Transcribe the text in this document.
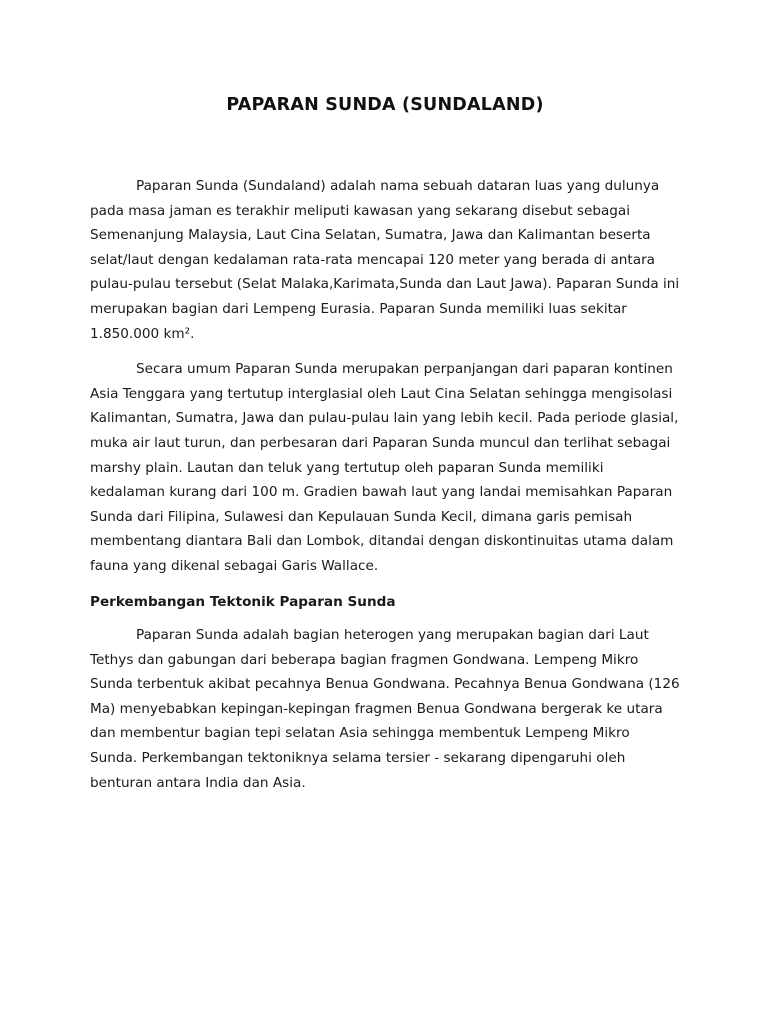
PAPARAN SUNDA (SUNDALAND)

Paparan Sunda (Sundaland) adalah nama sebuah dataran luas yang dulunya pada masa jaman es terakhir meliputi kawasan yang sekarang disebut sebagai Semenanjung Malaysia, Laut Cina Selatan, Sumatra, Jawa dan Kalimantan beserta selat/laut dengan kedalaman rata-rata mencapai 120 meter yang berada di antara pulau-pulau tersebut (Selat Malaka,Karimata,Sunda dan Laut Jawa). Paparan Sunda ini merupakan bagian dari Lempeng Eurasia. Paparan Sunda memiliki luas sekitar 1.850.000 km².

Secara umum Paparan Sunda merupakan perpanjangan dari paparan kontinen Asia Tenggara yang tertutup interglasial oleh Laut Cina Selatan sehingga mengisolasi Kalimantan, Sumatra, Jawa dan pulau-pulau lain yang lebih kecil. Pada periode glasial, muka air laut turun, dan perbesaran dari Paparan Sunda muncul dan terlihat sebagai marshy plain. Lautan dan teluk yang tertutup oleh paparan Sunda memiliki kedalaman kurang dari 100 m. Gradien bawah laut yang landai memisahkan Paparan Sunda dari Filipina, Sulawesi dan Kepulauan Sunda Kecil, dimana garis pemisah membentang diantara Bali dan Lombok, ditandai dengan diskontinuitas utama dalam fauna yang dikenal sebagai Garis Wallace.

Perkembangan Tektonik Paparan Sunda

Paparan Sunda adalah bagian heterogen yang merupakan bagian dari Laut Tethys dan gabungan dari beberapa bagian fragmen Gondwana. Lempeng Mikro Sunda terbentuk akibat pecahnya Benua Gondwana. Pecahnya Benua Gondwana (126 Ma) menyebabkan kepingan-kepingan fragmen Benua Gondwana bergerak ke utara dan membentur bagian tepi selatan Asia sehingga membentuk Lempeng Mikro Sunda. Perkembangan tektoniknya selama tersier - sekarang dipengaruhi oleh benturan antara India dan Asia.
